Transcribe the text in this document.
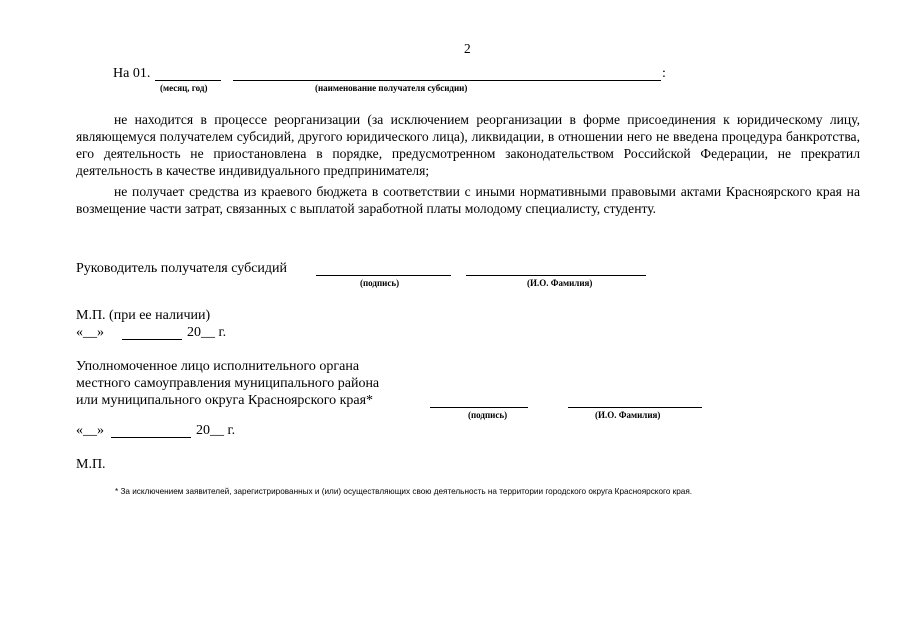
2
На 01.	:
(месяц, год)	(наименование получателя субсидии)
не находится в процессе реорганизации (за исключением реорганизации в форме присоединения к юридическому лицу, являющемуся получателем субсидий, другого юридического лица), ликвидации, в отношении него не введена процедура банкротства, его деятельность не приостановлена в порядке, предусмотренном законодательством Российской Федерации, не прекратил деятельность в качестве индивидуального предпринимателя;
не получает средства из краевого бюджета в соответствии с иными нормативными правовыми актами Красноярского края на возмещение части затрат, связанных с выплатой заработной платы молодому специалисту, студенту.
Руководитель получателя субсидий
(подпись)	(И.О. Фамилия)
М.П. (при ее наличии)
«__»	20__ г.
Уполномоченное лицо исполнительного органа
местного самоуправления муниципального района
или муниципального округа Красноярского края*
(подпись)	(И.О. Фамилия)
«__»	20__ г.
М.П.
* За исключением заявителей, зарегистрированных и (или) осуществляющих свою деятельность на территории городского округа Красноярского края.
